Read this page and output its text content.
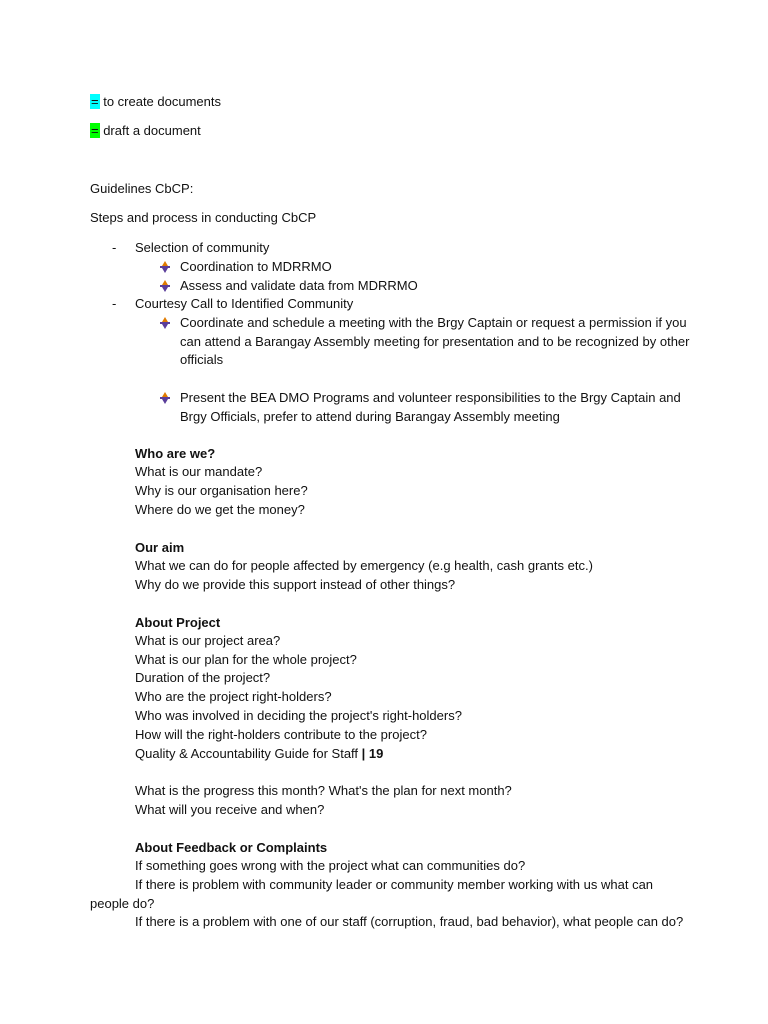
= to create documents
= draft a document
Guidelines CbCP:
Steps and process in conducting CbCP
- Selection of community
Coordination to MDRRMO
Assess and validate data from MDRRMO
- Courtesy Call to Identified Community
Coordinate and schedule a meeting with the Brgy Captain or request a permission if you
can attend a Barangay Assembly meeting for presentation and to be recognized by other
officials
Present the BEA DMO Programs and volunteer responsibilities to the Brgy Captain and
Brgy Officials, prefer to attend during Barangay Assembly meeting
Who are we?
What is our mandate?
Why is our organisation here?
Where do we get the money?
Our aim
What we can do for people affected by emergency (e.g health, cash grants etc.)
Why do we provide this support instead of other things?
About Project
What is our project area?
What is our plan for the whole project?
Duration of the project?
Who are the project right-holders?
Who was involved in deciding the project's right-holders?
How will the right-holders contribute to the project?
Quality & Accountability Guide for Staff | 19
What is the progress this month? What's the plan for next month?
What will you receive and when?
About Feedback or Complaints
If something goes wrong with the project what can communities do?
If there is problem with community leader or community member working with us what can
people do?
If there is a problem with one of our staff (corruption, fraud, bad behavior), what people can do?
